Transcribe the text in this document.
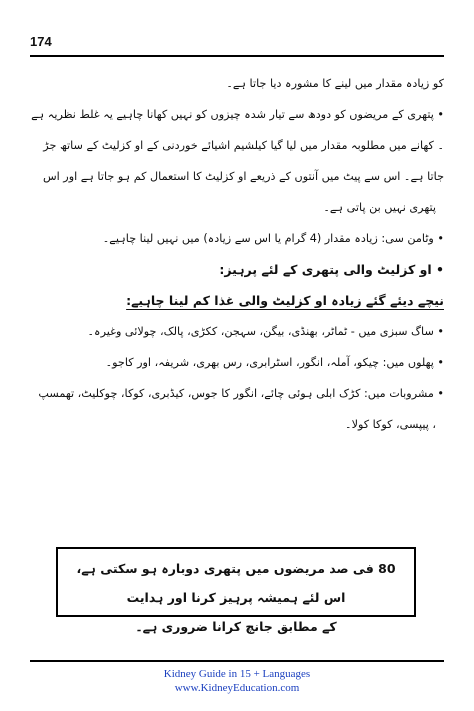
174

کو زیادہ مقدار میں لینے کا مشورہ دیا جاتا ہے۔

• پتھری کے مریضوں کو دودھ سے تیار شدہ چیزوں کو نہیں کھانا چاہیے یہ غلط نظریہ ہے

۔ کھانے میں مطلوبہ مقدار میں لیا گیا کیلشیم اشیائے خوردنی کے او کزلیٹ کے ساتھ جڑ

جاتا ہے۔ اس سے پیٹ میں آنتوں کے ذریعے او کزلیٹ کا استعمال کم ہو جاتا ہے اور اس

پتھری نہیں بن پاتی ہے۔

• وٹامن سی: زیادہ مقدار (4 گرام یا اس سے زیادہ) میں نہیں لینا چاہیے۔

• او کزلیٹ والی پتھری کے لئے پرہیز:

نیچے دیئے گئے زیادہ او کزلیٹ والی غذا کم لینا چاہیے:

• ساگ سبزی میں - ٹماٹر، بھنڈی، بیگن، سہجن، ککڑی، پالک، چولائی وغیرہ۔

• پھلوں میں: چیکو، آملہ، انگور، اسٹرابری، رس بھری، شریفہ، اور کاجو۔

• مشروبات میں: کڑک ابلی ہوئی چائے، انگور کا جوس، کیڈبری، کوکا، چوکلیٹ، تھمسپ

، پیپسی، کوکا کولا۔

80 فی صد مریضوں میں پتھری دوبارہ ہو سکتی ہے، اس لئے ہمیشہ پرہیز کرنا اور ہدایت
کے مطابق جانچ کرانا ضروری ہے۔
Kidney Guide in 15 + Languages
www.KidneyEducation.com
